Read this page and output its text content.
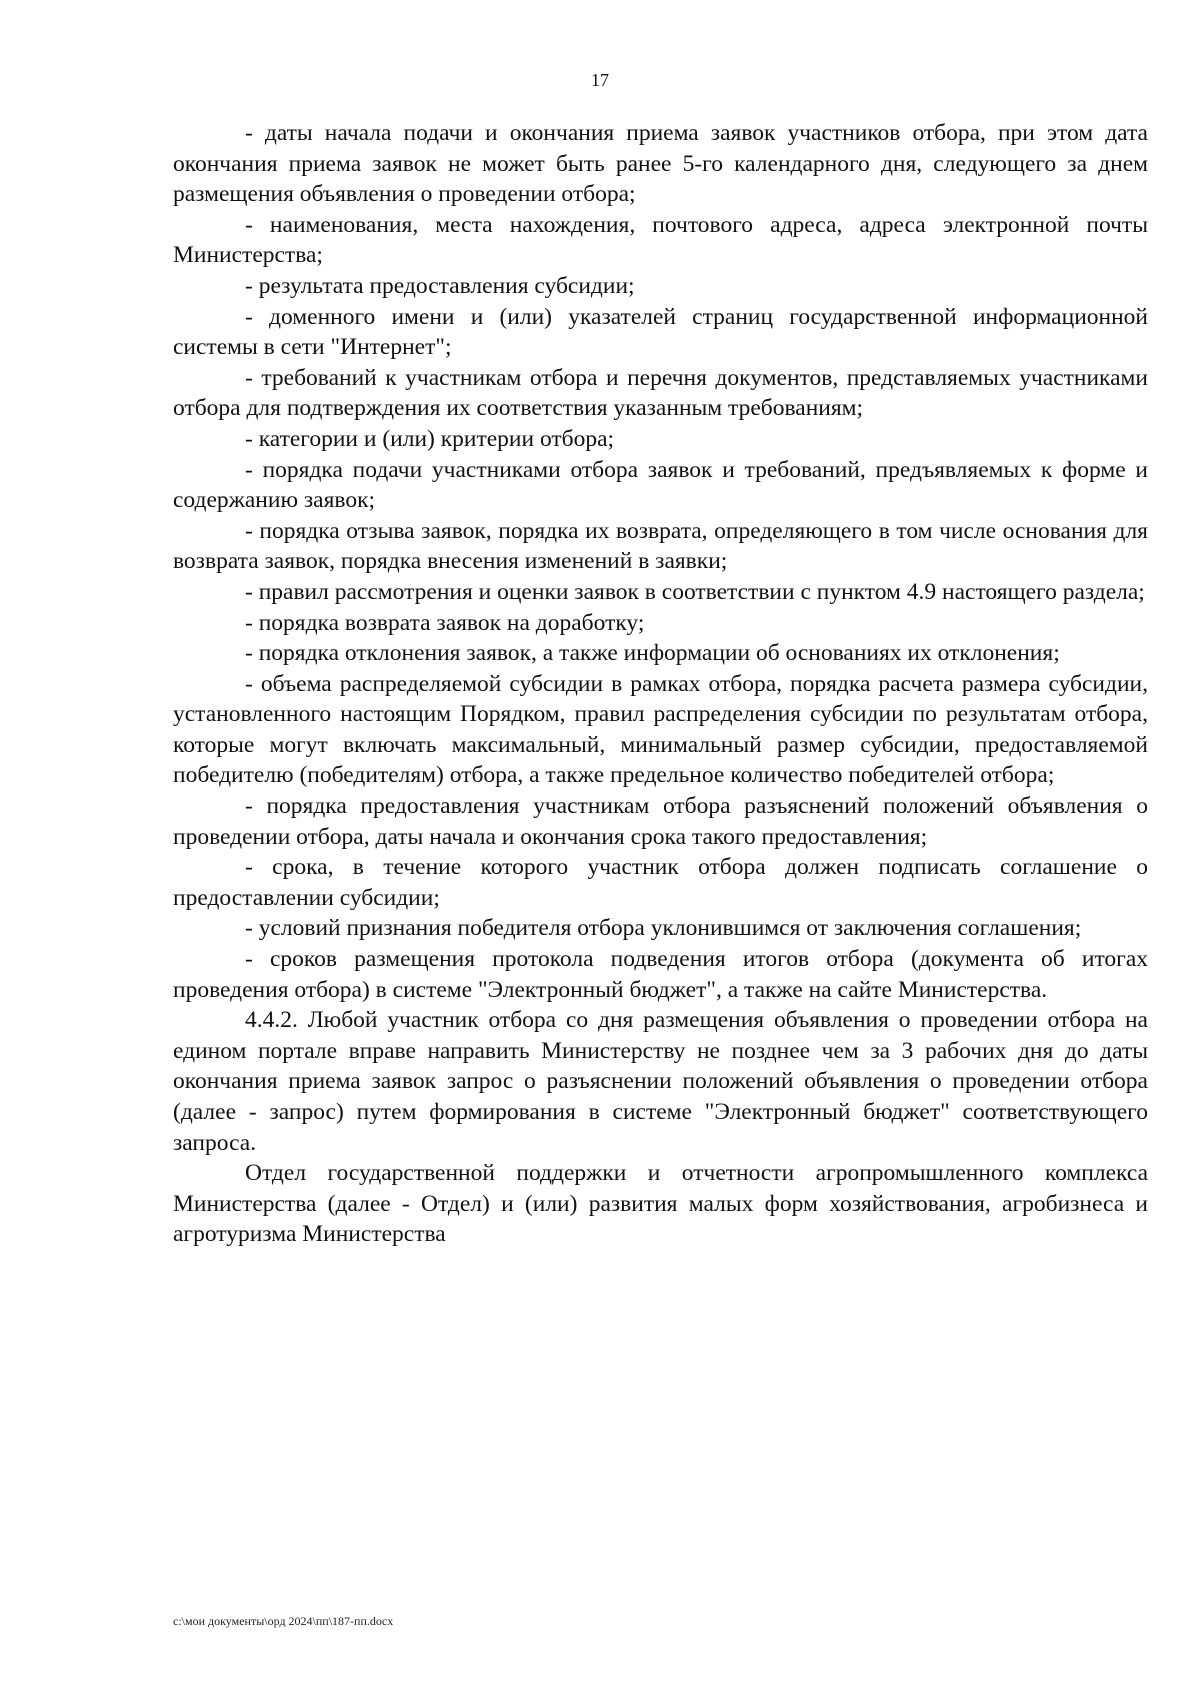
17

- даты начала подачи и окончания приема заявок участников отбора, при этом дата окончания приема заявок не может быть ранее 5-го календарного дня, следующего за днем размещения объявления о проведении отбора;

- наименования, места нахождения, почтового адреса, адреса электронной почты Министерства;

- результата предоставления субсидии;

- доменного имени и (или) указателей страниц государственной информационной системы в сети "Интернет";

- требований к участникам отбора и перечня документов, представляемых участниками отбора для подтверждения их соответствия указанным требованиям;

- категории и (или) критерии отбора;

- порядка подачи участниками отбора заявок и требований, предъявляемых к форме и содержанию заявок;

- порядка отзыва заявок, порядка их возврата, определяющего в том числе основания для возврата заявок, порядка внесения изменений в заявки;

- правил рассмотрения и оценки заявок в соответствии с пунктом 4.9 настоящего раздела;

- порядка возврата заявок на доработку;

- порядка отклонения заявок, а также информации об основаниях их отклонения;

- объема распределяемой субсидии в рамках отбора, порядка расчета размера субсидии, установленного настоящим Порядком, правил распределения субсидии по результатам отбора, которые могут включать максимальный, минимальный размер субсидии, предоставляемой победителю (победителям) отбора, а также предельное количество победителей отбора;

- порядка предоставления участникам отбора разъяснений положений объявления о проведении отбора, даты начала и окончания срока такого предоставления;

- срока, в течение которого участник отбора должен подписать соглашение о предоставлении субсидии;

- условий признания победителя отбора уклонившимся от заключения соглашения;

- сроков размещения протокола подведения итогов отбора (документа об итогах проведения отбора) в системе "Электронный бюджет", а также на сайте Министерства.

4.4.2. Любой участник отбора со дня размещения объявления о проведении отбора на едином портале вправе направить Министерству не позднее чем за 3 рабочих дня до даты окончания приема заявок запрос о разъяснении положений объявления о проведении отбора (далее - запрос) путем формирования в системе "Электронный бюджет" соответствующего запроса.

Отдел государственной поддержки и отчетности агропромышленного комплекса Министерства (далее - Отдел) и (или) развития малых форм хозяйствования, агробизнеса и агротуризма Министерства

c:\мои документы\орд 2024\пп\187-пп.docx
